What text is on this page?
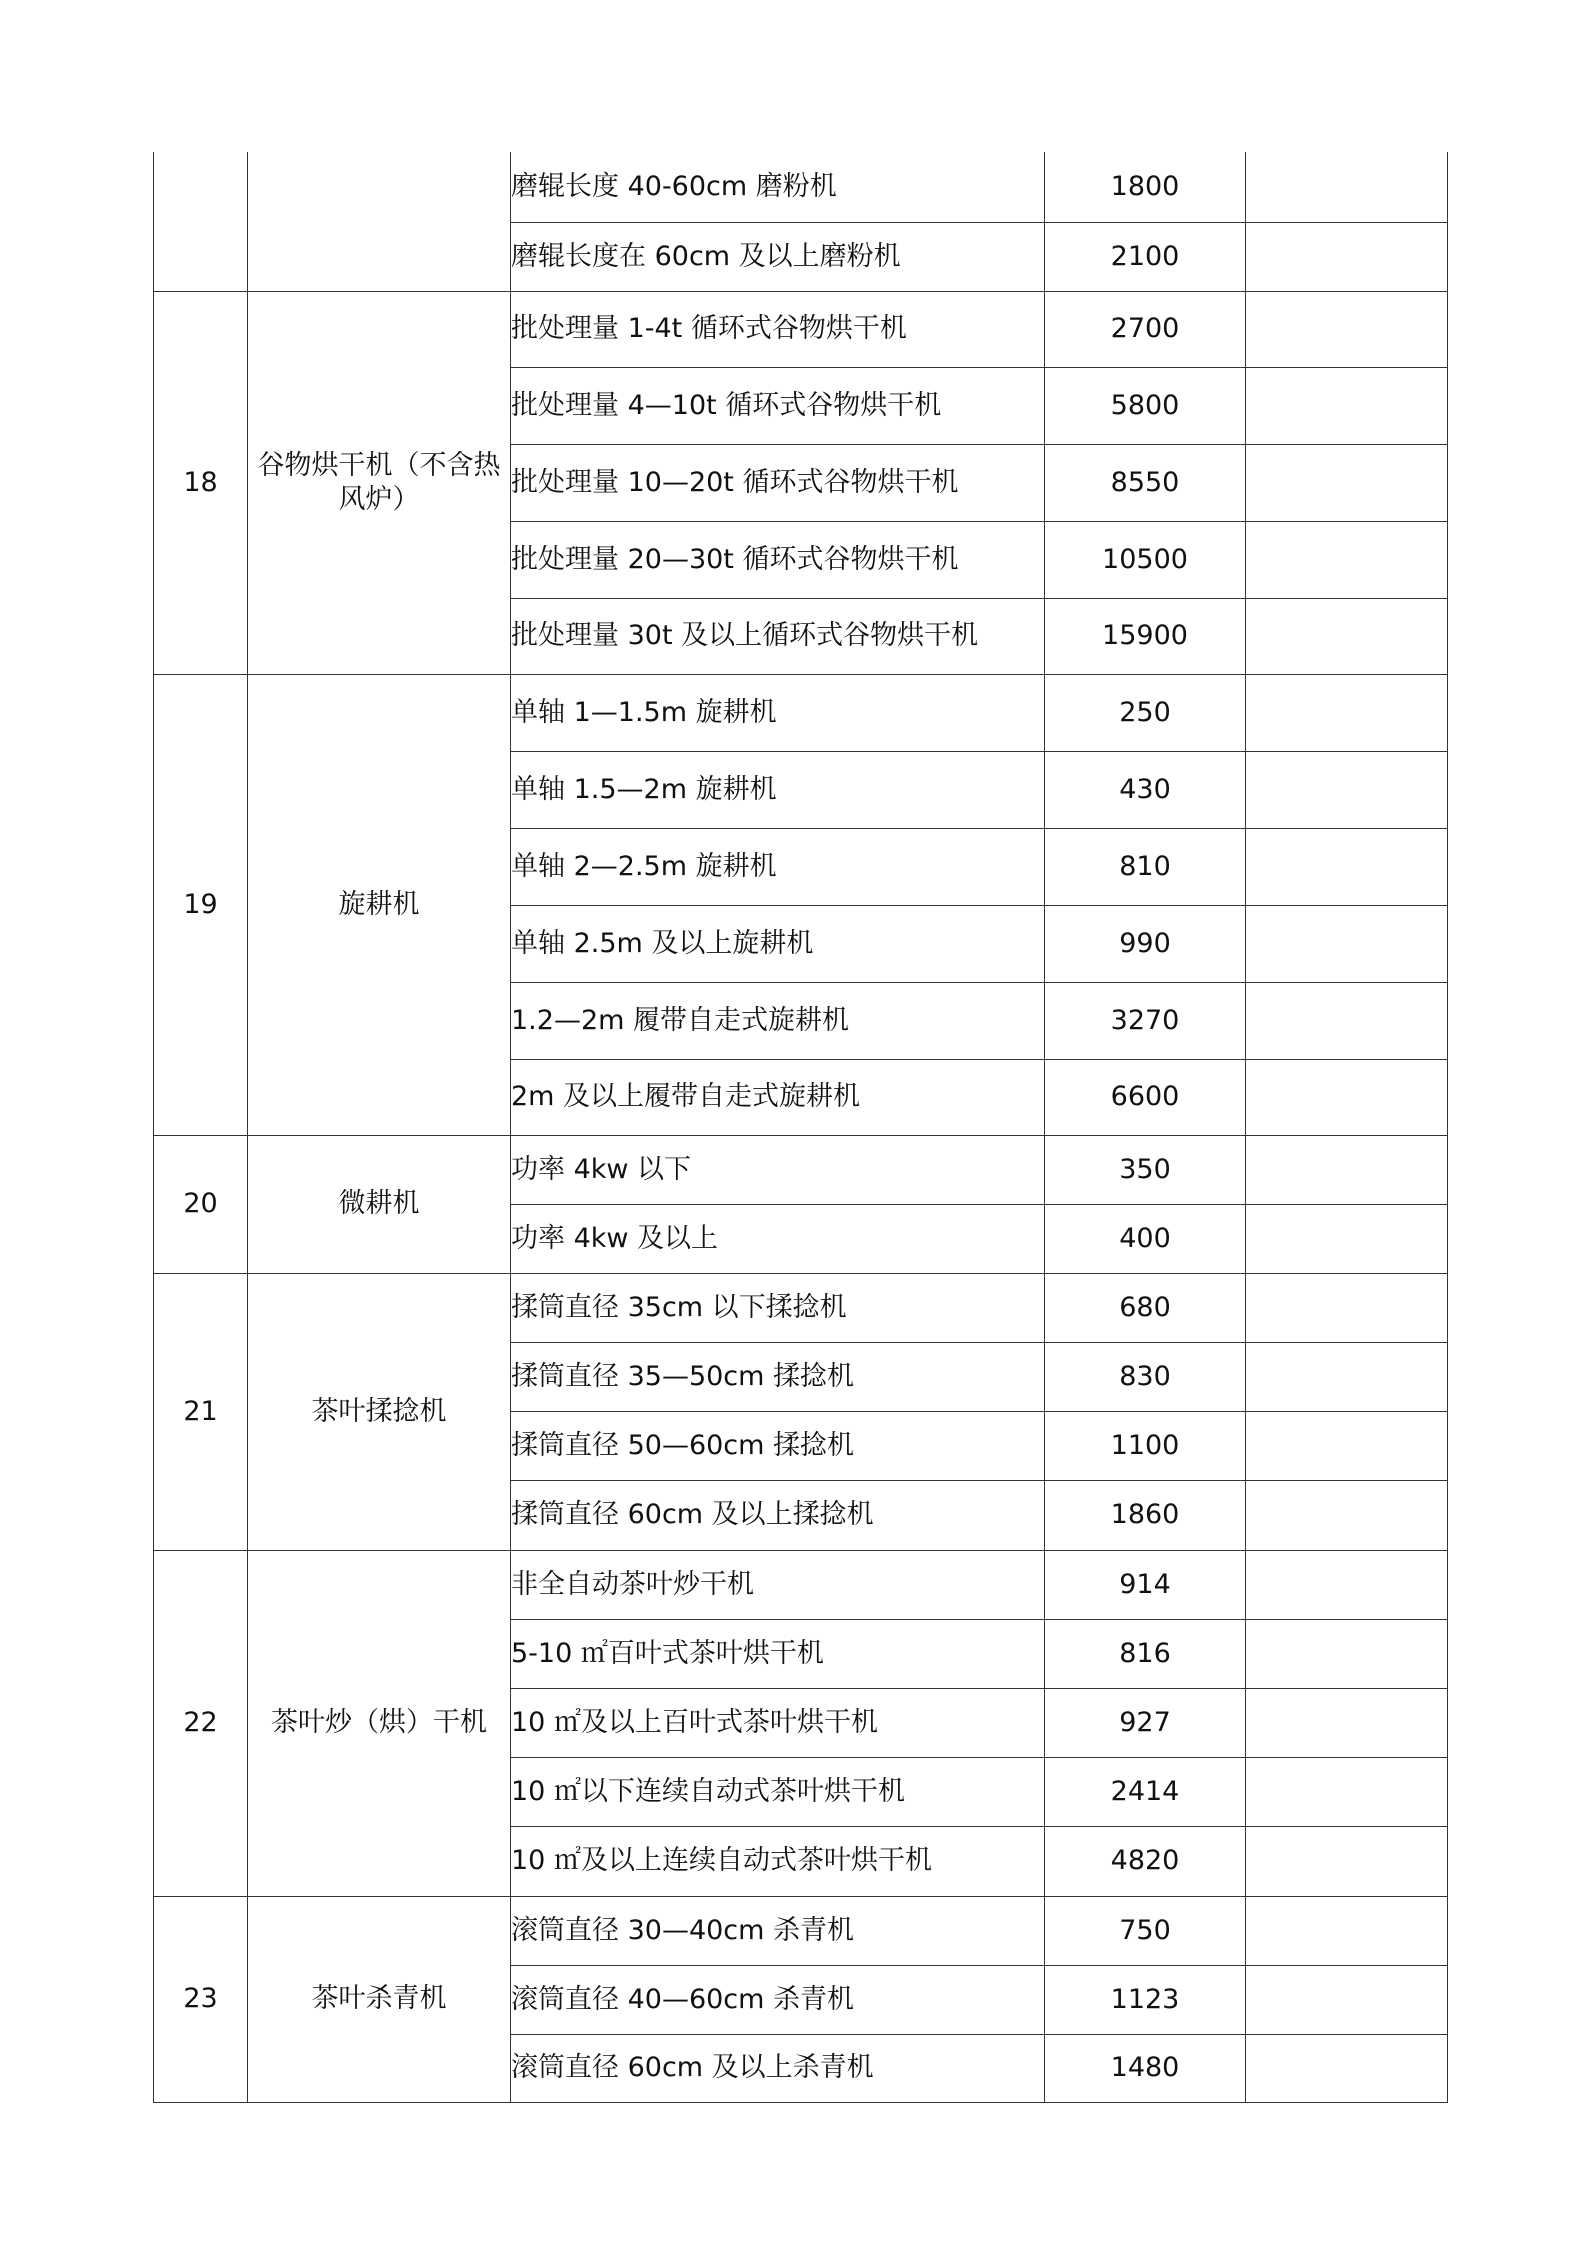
		磨辊长度 40-60cm 磨粉机	1800	
		磨辊长度在 60cm 及以上磨粉机	2100	
18	谷物烘干机（不含热风炉）	批处理量 1-4t 循环式谷物烘干机	2700	
		批处理量 4—10t 循环式谷物烘干机	5800	
		批处理量 10—20t 循环式谷物烘干机	8550	
		批处理量 20—30t 循环式谷物烘干机	10500	
		批处理量 30t 及以上循环式谷物烘干机	15900	
19	旋耕机	单轴 1—1.5m 旋耕机	250	
		单轴 1.5—2m 旋耕机	430	
		单轴 2—2.5m 旋耕机	810	
		单轴 2.5m 及以上旋耕机	990	
		1.2—2m 履带自走式旋耕机	3270	
		2m 及以上履带自走式旋耕机	6600	
20	微耕机	功率 4kw 以下	350	
		功率 4kw 及以上	400	
21	茶叶揉捻机	揉筒直径 35cm 以下揉捻机	680	
		揉筒直径 35—50cm 揉捻机	830	
		揉筒直径 50—60cm 揉捻机	1100	
		揉筒直径 60cm 及以上揉捻机	1860	
22	茶叶炒（烘）干机	非全自动茶叶炒干机	914	
		5-10 ㎡百叶式茶叶烘干机	816	
		10 ㎡及以上百叶式茶叶烘干机	927	
		10 ㎡以下连续自动式茶叶烘干机	2414	
		10 ㎡及以上连续自动式茶叶烘干机	4820	
23	茶叶杀青机	滚筒直径 30—40cm 杀青机	750	
		滚筒直径 40—60cm 杀青机	1123	
		滚筒直径 60cm 及以上杀青机	1480	
